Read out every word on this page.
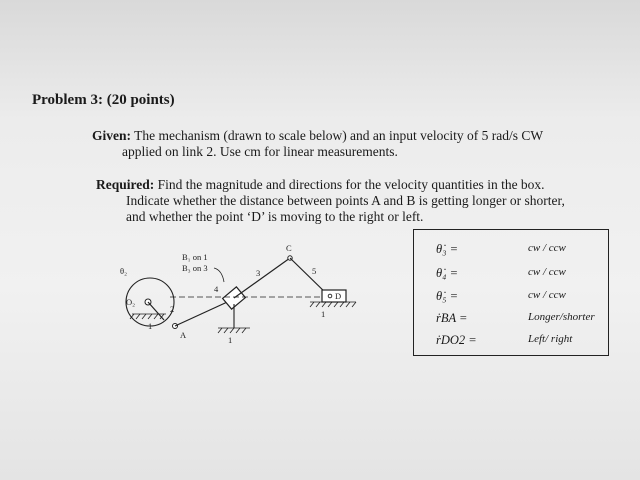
Problem 3: (20 points)
Given: The mechanism (drawn to scale below) and an input velocity of 5 rad/s CW
applied on link 2. Use cm for linear measurements.
Required: Find the magnitude and directions for the velocity quantities in the box.
Indicate whether the distance between points A and B is getting longer or shorter,
and whether the point ‘D’ is moving to the right or left.
B₁ on 1
B₃ on 3
θ₂
O₂
2
1
A
4
3
C
5
D
1
1
θ̇₃ =	cw / ccw
θ̇₄ =	cw / ccw
θ̇₅ =	cw / ccw
ṙBA =	Longer/shorter
ṙDO2 =	Left/ right
